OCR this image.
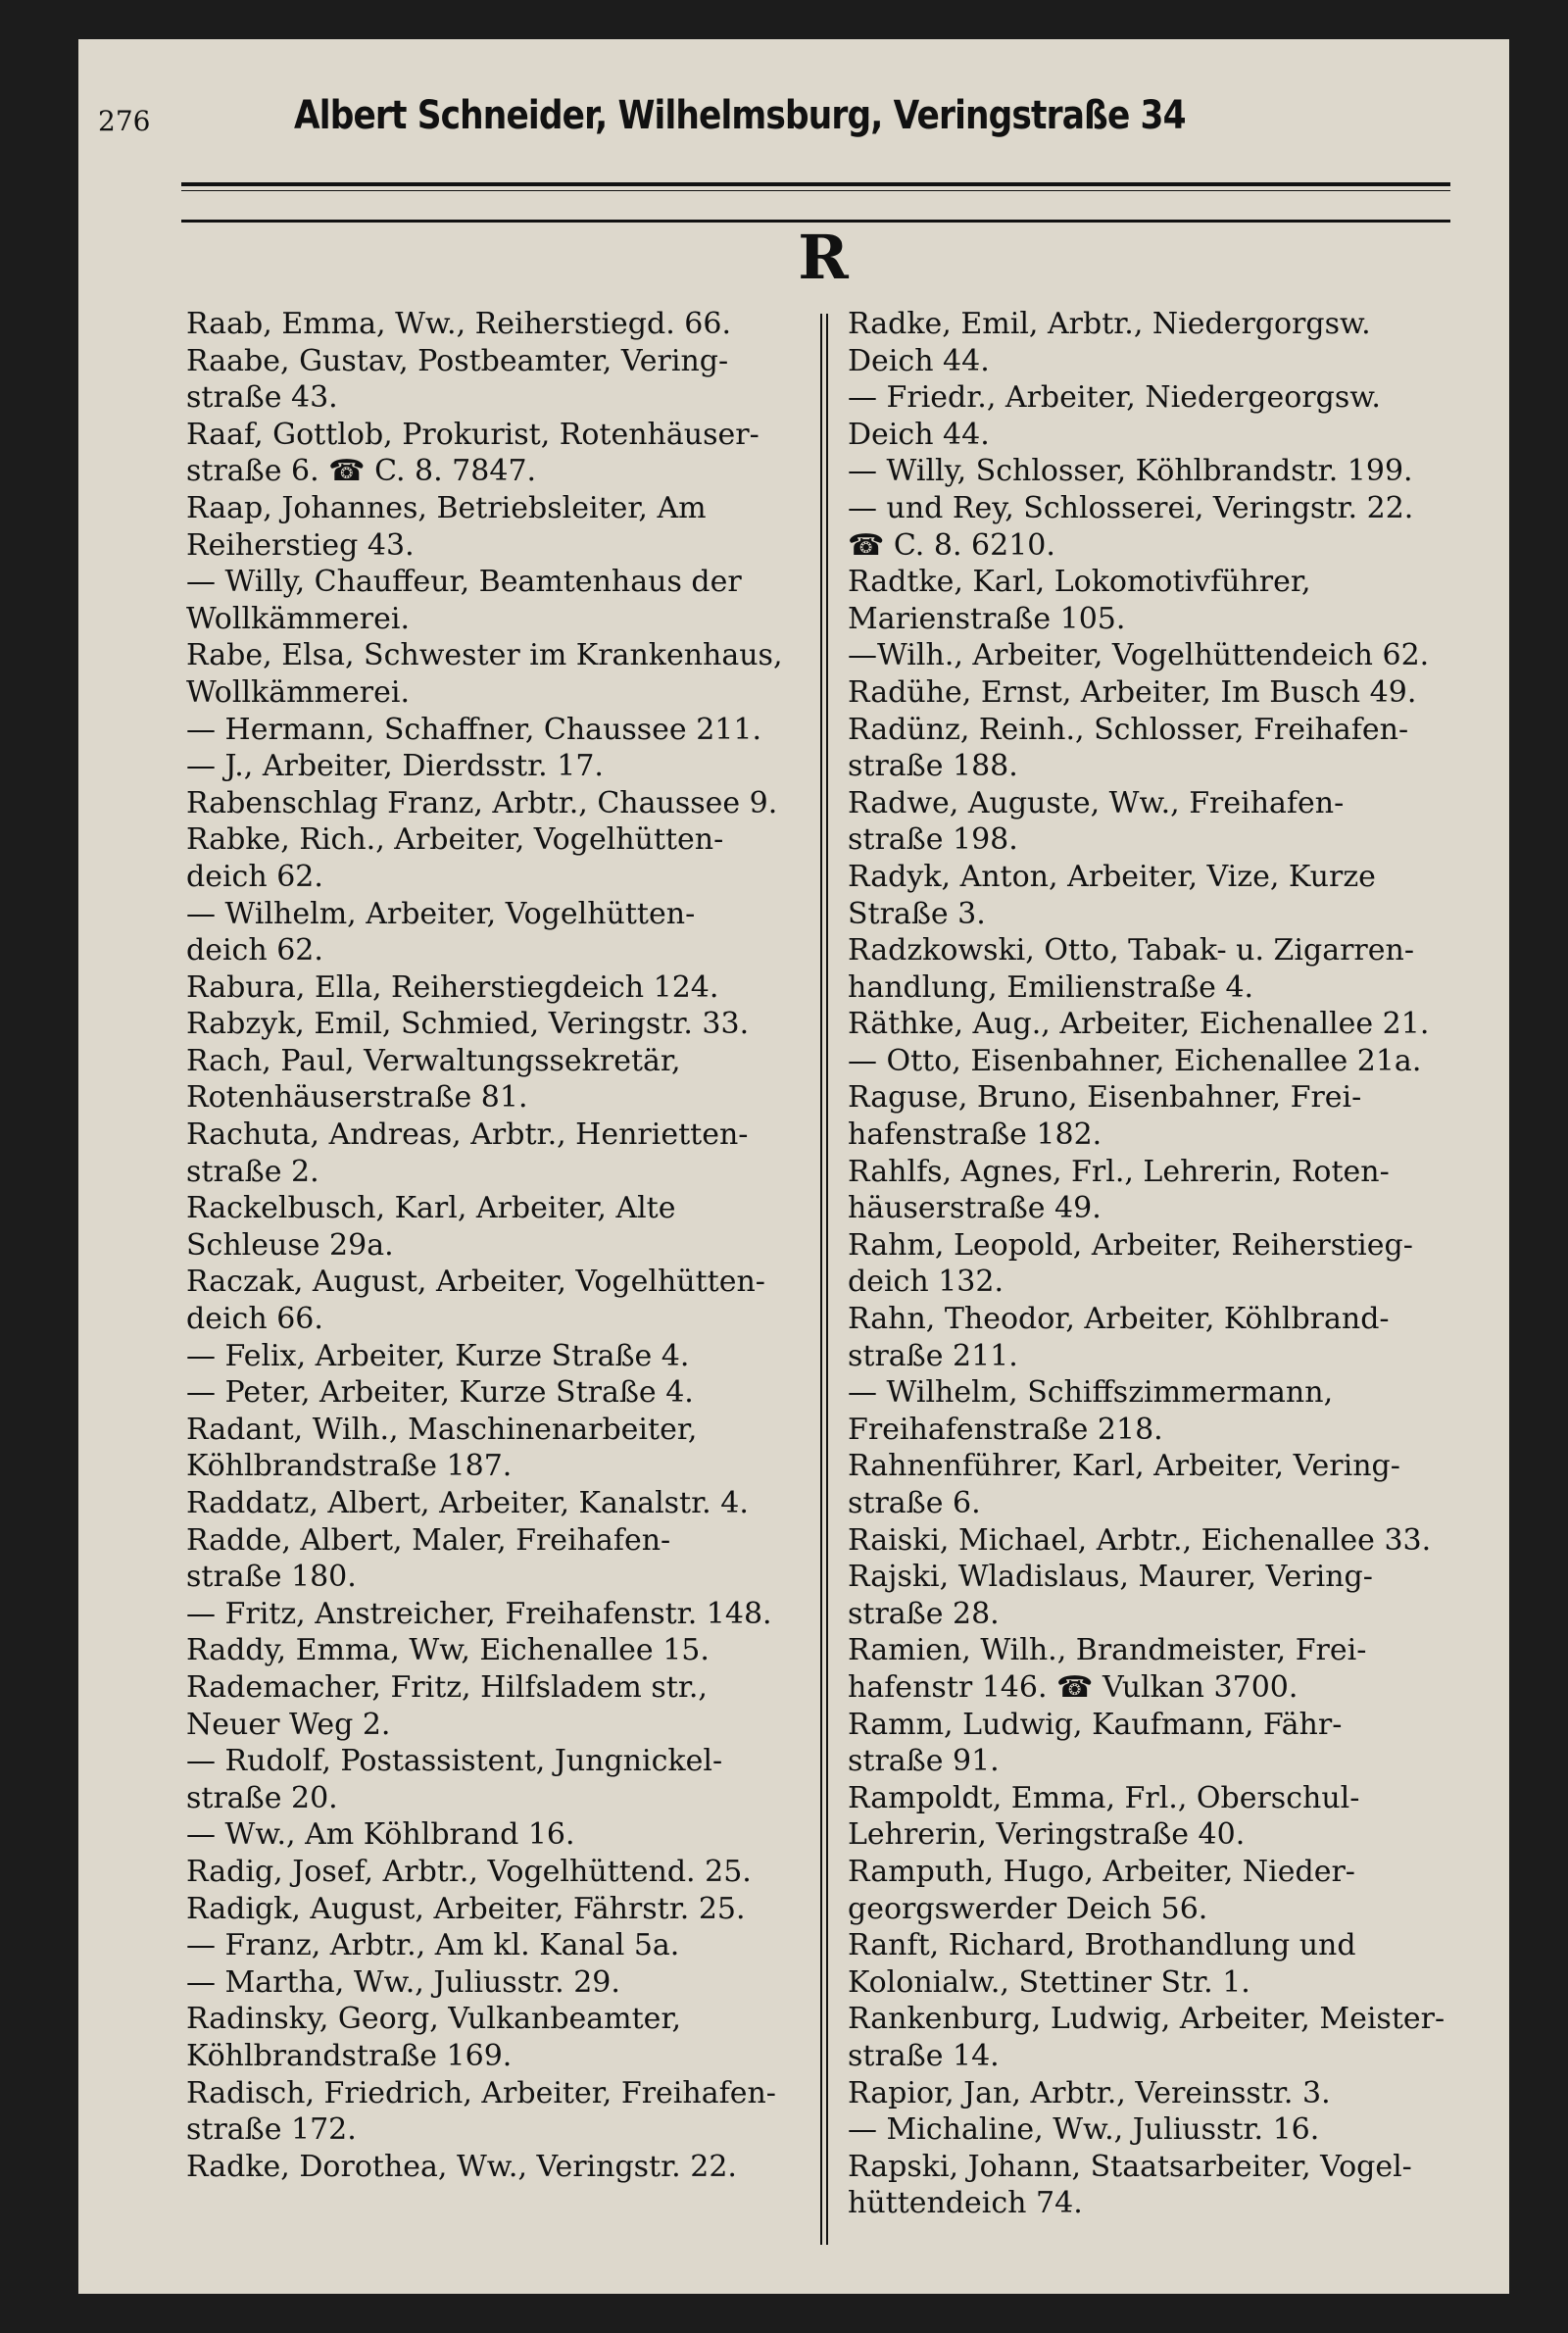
276	Albert Schneider, Wilhelmsburg, Veringstraße 34
R

Raab, Emma, Ww., Reiherstiegd. 66.

Raabe, Gustav, Postbeamter, Vering-
straße 43.

Raaf, Gottlob, Prokurist, Rotenhäuser-
straße 6. ☎ C. 8. 7847.

Raap, Johannes, Betriebsleiter, Am
Reiherstieg 43.

— Willy, Chauffeur, Beamtenhaus der
Wollkämmerei.

Rabe, Elsa, Schwester im Krankenhaus,
Wollkämmerei.

— Hermann, Schaffner, Chaussee 211.

— J., Arbeiter, Dierdsstr. 17.

Rabenschlag Franz, Arbtr., Chaussee 9.

Rabke, Rich., Arbeiter, Vogelhütten-
deich 62.

— Wilhelm, Arbeiter, Vogelhütten-
deich 62.

Rabura, Ella, Reiherstiegdeich 124.

Rabzyk, Emil, Schmied, Veringstr. 33.

Rach, Paul, Verwaltungssekretär,
Rotenhäuserstraße 81.

Rachuta, Andreas, Arbtr., Henrietten-
straße 2.

Rackelbusch, Karl, Arbeiter, Alte
Schleuse 29a.

Raczak, August, Arbeiter, Vogelhütten-
deich 66.

— Felix, Arbeiter, Kurze Straße 4.

— Peter, Arbeiter, Kurze Straße 4.

Radant, Wilh., Maschinenarbeiter,
Köhlbrandstraße 187.

Raddatz, Albert, Arbeiter, Kanalstr. 4.

Radde, Albert, Maler, Freihafen-
straße 180.

— Fritz, Anstreicher, Freihafenstr. 148.

Raddy, Emma, Ww, Eichenallee 15.

Rademacher, Fritz, Hilfsladem str.,
Neuer Weg 2.

— Rudolf, Postassistent, Jungnickel-
straße 20.

— Ww., Am Köhlbrand 16.

Radig, Josef, Arbtr., Vogelhüttend. 25.

Radigk, August, Arbeiter, Fährstr. 25.

— Franz, Arbtr., Am kl. Kanal 5a.

— Martha, Ww., Juliusstr. 29.

Radinsky, Georg, Vulkanbeamter,
Köhlbrandstraße 169.

Radisch, Friedrich, Arbeiter, Freihafen-
straße 172.

Radke, Dorothea, Ww., Veringstr. 22.

Radke, Emil, Arbtr., Niedergorgsw.
Deich 44.

— Friedr., Arbeiter, Niedergeorgsw.
Deich 44.

— Willy, Schlosser, Köhlbrandstr. 199.

— und Rey, Schlosserei, Veringstr. 22.
☎ C. 8. 6210.

Radtke, Karl, Lokomotivführer,
Marienstraße 105.

—Wilh., Arbeiter, Vogelhüttendeich 62.

Radühe, Ernst, Arbeiter, Im Busch 49.

Radünz, Reinh., Schlosser, Freihafen-
straße 188.

Radwe, Auguste, Ww., Freihafen-
straße 198.

Radyk, Anton, Arbeiter, Vize, Kurze
Straße 3.

Radzkowski, Otto, Tabak- u. Zigarren-
handlung, Emilienstraße 4.

Räthke, Aug., Arbeiter, Eichenallee 21.

— Otto, Eisenbahner, Eichenallee 21a.

Raguse, Bruno, Eisenbahner, Frei-
hafenstraße 182.

Rahlfs, Agnes, Frl., Lehrerin, Roten-
häuserstraße 49.

Rahm, Leopold, Arbeiter, Reiherstieg-
deich 132.

Rahn, Theodor, Arbeiter, Köhlbrand-
straße 211.

— Wilhelm, Schiffszimmermann,
Freihafenstraße 218.

Rahnenführer, Karl, Arbeiter, Vering-
straße 6.

Raiski, Michael, Arbtr., Eichenallee 33.

Rajski, Wladislaus, Maurer, Vering-
straße 28.

Ramien, Wilh., Brandmeister, Frei-
hafenstr 146. ☎ Vulkan 3700.

Ramm, Ludwig, Kaufmann, Fähr-
straße 91.

Rampoldt, Emma, Frl., Oberschul-
Lehrerin, Veringstraße 40.

Ramputh, Hugo, Arbeiter, Nieder-
georgswerder Deich 56.

Ranft, Richard, Brothandlung und
Kolonialw., Stettiner Str. 1.

Rankenburg, Ludwig, Arbeiter, Meister-
straße 14.

Rapior, Jan, Arbtr., Vereinsstr. 3.

— Michaline, Ww., Juliusstr. 16.

Rapski, Johann, Staatsarbeiter, Vogel-
hüttendeich 74.
